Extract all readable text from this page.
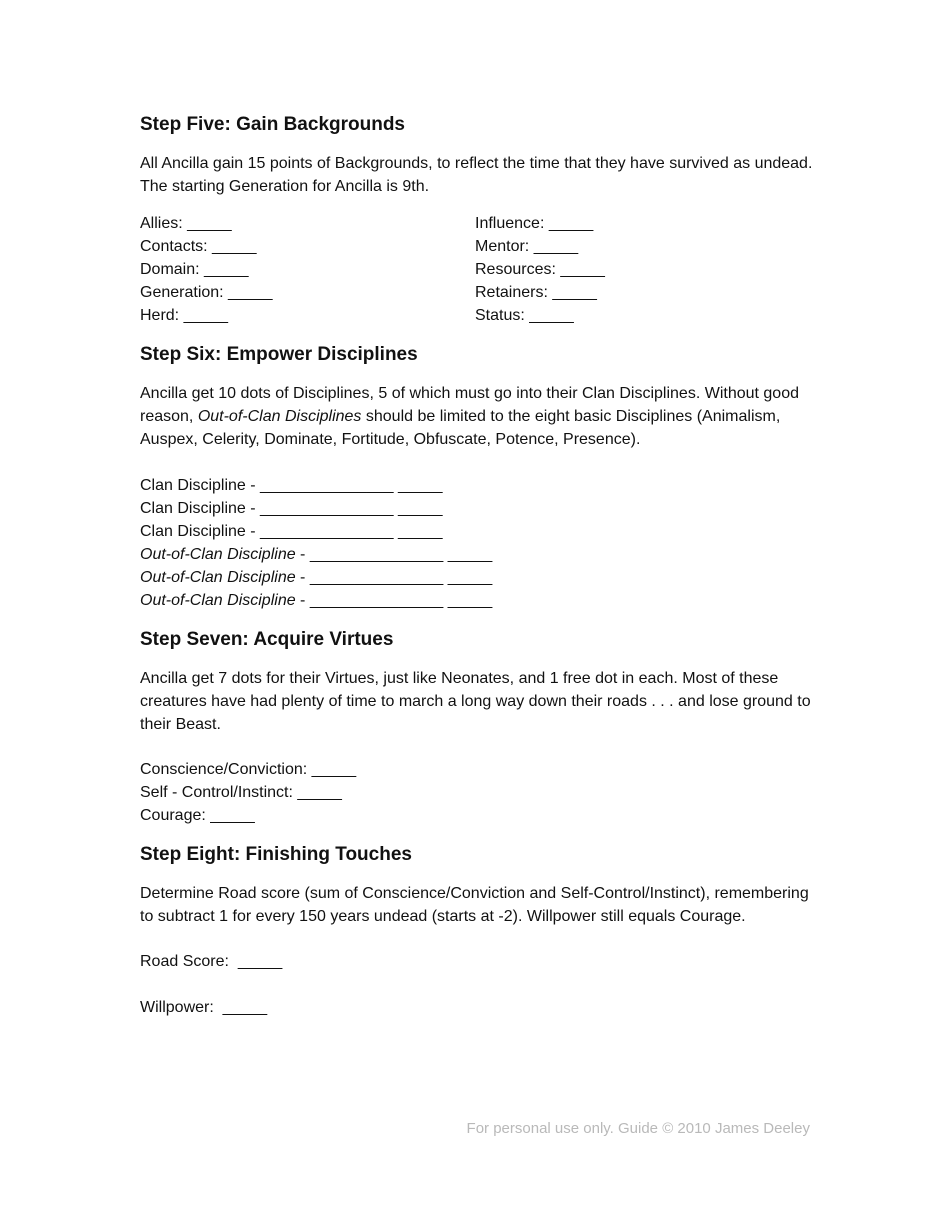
Step Five: Gain Backgrounds

All Ancilla gain 15 points of Backgrounds, to reflect the time that they have survived as undead. The starting Generation for Ancilla is 9th.

Allies: _____
Contacts: _____
Domain: _____
Generation: _____
Herd: _____
Influence: _____
Mentor: _____
Resources: _____
Retainers: _____
Status: _____
Step Six: Empower Disciplines

Ancilla get 10 dots of Disciplines, 5 of which must go into their Clan Disciplines. Without good reason, Out-of-Clan Disciplines should be limited to the eight basic Disciplines (Animalism, Auspex, Celerity, Dominate, Fortitude, Obfuscate, Potence, Presence).

Clan Discipline - _______________ _____
Clan Discipline - _______________ _____
Clan Discipline - _______________ _____
Out-of-Clan Discipline - _______________ _____
Out-of-Clan Discipline - _______________ _____
Out-of-Clan Discipline - _______________ _____
Step Seven: Acquire Virtues

Ancilla get 7 dots for their Virtues, just like Neonates, and 1 free dot in each. Most of these creatures have had plenty of time to march a long way down their roads . . . and lose ground to their Beast.

Conscience/Conviction: _____
Self - Control/Instinct: _____
Courage: _____
Step Eight: Finishing Touches

Determine Road score (sum of Conscience/Conviction and Self-Control/Instinct), remembering to subtract 1 for every 150 years undead (starts at -2). Willpower still equals Courage.

Road Score:  _____
Willpower:  _____
For personal use only. Guide © 2010 James Deeley
